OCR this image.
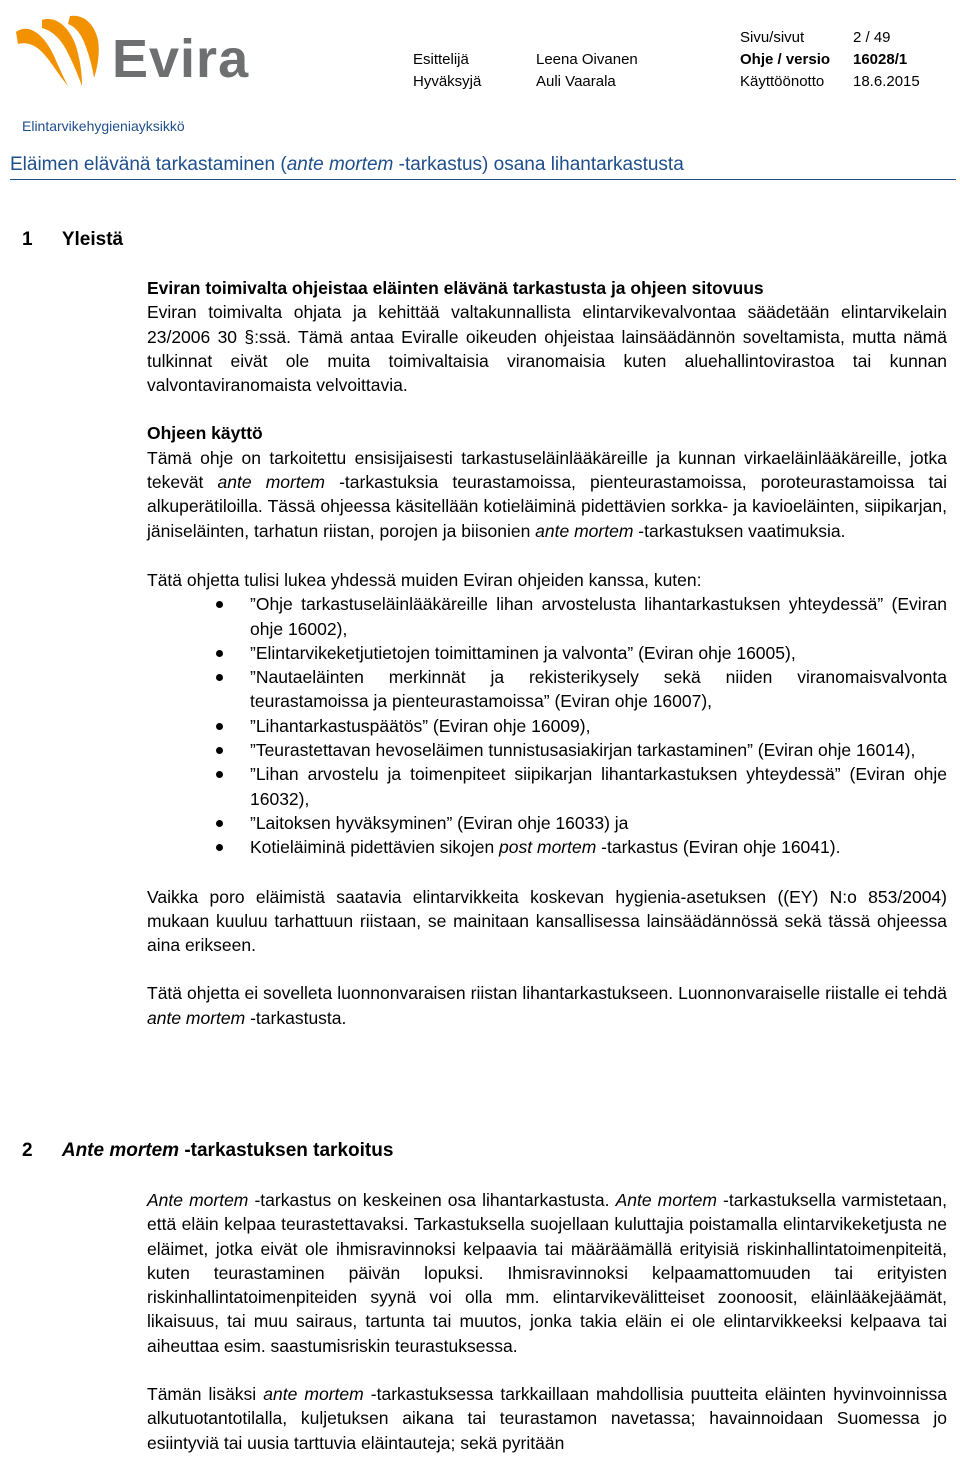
Evira	Sivu/sivut	2 / 49
Esittelijä	Leena Oivanen	Ohje / versio 16028/1
Hyväksyjä	Auli Vaarala	Käyttöönotto 18.6.2015
Elintarvikehygieniayksikkö
Eläimen elävänä tarkastaminen (ante mortem -tarkastus) osana lihantarkastusta
1 Yleistä

Eviran toimivalta ohjeistaa eläinten elävänä tarkastusta ja ohjeen sitovuus

Eviran toimivalta ohjata ja kehittää valtakunnallista elintarvikevalvontaa säädetään elintarvikelain 23/2006 30 §:ssä. Tämä antaa Eviralle oikeuden ohjeistaa lainsäädännön soveltamista, mutta nämä tulkinnat eivät ole muita toimivaltaisia viranomaisia kuten aluehallintovirastoa tai kunnan valvontaviranomaista velvoittavia.

Ohjeen käyttö

Tämä ohje on tarkoitettu ensisijaisesti tarkastuseläinlääkäreille ja kunnan virkaeläinlääkäreille, jotka tekevät ante mortem -tarkastuksia teurastamoissa, pienteurastamoissa, poroteurastamoissa tai alkuperätiloilla. Tässä ohjeessa käsitellään kotieläiminä pidettävien sorkka- ja kavioeläinten, siipikarjan, jäniseläinten, tarhatun riistan, porojen ja biisonien ante mortem -tarkastuksen vaatimuksia.

Tätä ohjetta tulisi lukea yhdessä muiden Eviran ohjeiden kanssa, kuten:

”Ohje tarkastuseläinlääkäreille lihan arvostelusta lihantarkastuksen yhteydessä” (Eviran ohje 16002),
”Elintarvikeketjutietojen toimittaminen ja valvonta” (Eviran ohje 16005),
”Nautaeläinten merkinnät ja rekisterikysely sekä niiden viranomaisvalvonta teurastamoissa ja pienteurastamoissa” (Eviran ohje 16007),
”Lihantarkastuspäätös” (Eviran ohje 16009),
”Teurastettavan hevoseläimen tunnistusasiakirjan tarkastaminen” (Eviran ohje 16014),
”Lihan arvostelu ja toimenpiteet siipikarjan lihantarkastuksen yhteydessä” (Eviran ohje 16032),
”Laitoksen hyväksyminen” (Eviran ohje 16033) ja
Kotieläiminä pidettävien sikojen post mortem -tarkastus (Eviran ohje 16041).

Vaikka poro eläimistä saatavia elintarvikkeita koskevan hygienia-asetuksen ((EY) N:o 853/2004) mukaan kuuluu tarhattuun riistaan, se mainitaan kansallisessa lainsäädännössä sekä tässä ohjeessa aina erikseen.

Tätä ohjetta ei sovelleta luonnonvaraisen riistan lihantarkastukseen. Luonnonvaraiselle riistalle ei tehdä ante mortem -tarkastusta.

2 Ante mortem -tarkastuksen tarkoitus

Ante mortem -tarkastus on keskeinen osa lihantarkastusta. Ante mortem -tarkastuksella varmistetaan, että eläin kelpaa teurastettavaksi. Tarkastuksella suojellaan kuluttajia poistamalla elintarvikeketjusta ne eläimet, jotka eivät ole ihmisravinnoksi kelpaavia tai määräämällä erityisiä riskinhallintatoimenpiteitä, kuten teurastaminen päivän lopuksi. Ihmisravinnoksi kelpaamattomuuden tai erityisten riskinhallintatoimenpiteiden syynä voi olla mm. elintarvikevälitteiset zoonoosit, eläinlääkejäämät, likaisuus, tai muu sairaus, tartunta tai muutos, jonka takia eläin ei ole elintarvikkeeksi kelpaava tai aiheuttaa esim. saastumisriskin teurastuksessa.

Tämän lisäksi ante mortem -tarkastuksessa tarkkaillaan mahdollisia puutteita eläinten hyvinvoinnissa alkutuotantotilalla, kuljetuksen aikana tai teurastamon navetassa; havainnoidaan Suomessa jo esiintyviä tai uusia tarttuvia eläintauteja; sekä pyritään
